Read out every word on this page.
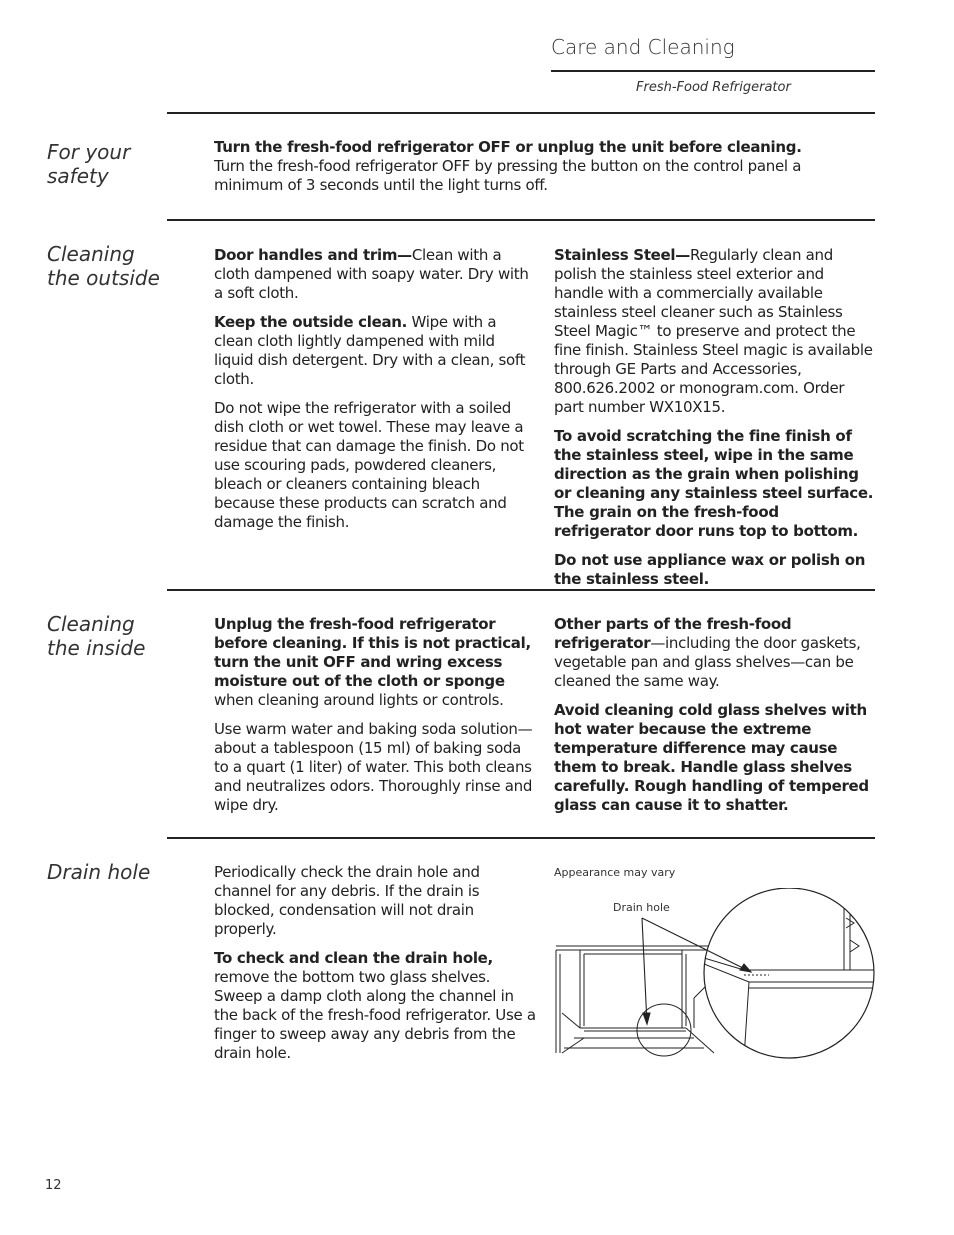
Care and Cleaning
Fresh-Food Refrigerator
For your
safety
Turn the fresh-food refrigerator OFF or unplug the unit before cleaning.
Turn the fresh-food refrigerator OFF by pressing the button on the control panel a minimum of 3 seconds until the light turns off.
Cleaning
the outside

Door handles and trim—Clean with a cloth dampened with soapy water. Dry with a soft cloth.

Keep the outside clean. Wipe with a clean cloth lightly dampened with mild liquid dish detergent. Dry with a clean, soft cloth.

Do not wipe the refrigerator with a soiled dish cloth or wet towel. These may leave a residue that can damage the finish. Do not use scouring pads, powdered cleaners, bleach or cleaners containing bleach because these products can scratch and damage the finish.

Stainless Steel—Regularly clean and polish the stainless steel exterior and handle with a commercially available stainless steel cleaner such as Stainless Steel Magic™ to preserve and protect the fine finish. Stainless Steel magic is available through GE Parts and Accessories, 800.626.2002 or monogram.com. Order part number WX10X15.

To avoid scratching the fine finish of the stainless steel, wipe in the same direction as the grain when polishing or cleaning any stainless steel surface. The grain on the fresh-food refrigerator door runs top to bottom.

Do not use appliance wax or polish on the stainless steel.

Cleaning
the inside

Unplug the fresh-food refrigerator before cleaning. If this is not practical, turn the unit OFF and wring excess moisture out of the cloth or sponge when cleaning around lights or controls.

Use warm water and baking soda solution—about a tablespoon (15 ml) of baking soda to a quart (1 liter) of water. This both cleans and neutralizes odors. Thoroughly rinse and wipe dry.

Other parts of the fresh-food refrigerator—including the door gaskets, vegetable pan and glass shelves—can be cleaned the same way.

Avoid cleaning cold glass shelves with hot water because the extreme temperature difference may cause them to break. Handle glass shelves carefully. Rough handling of tempered glass can cause it to shatter.

Drain hole	Periodically check the drain hole and channel for any debris. If the drain is blocked, condensation will not drain properly.

To check and clean the drain hole, remove the bottom two glass shelves. Sweep a damp cloth along the channel in the back of the fresh-food refrigerator. Use a finger to sweep away any debris from the drain hole.

Appearance may vary
Drain hole
12
